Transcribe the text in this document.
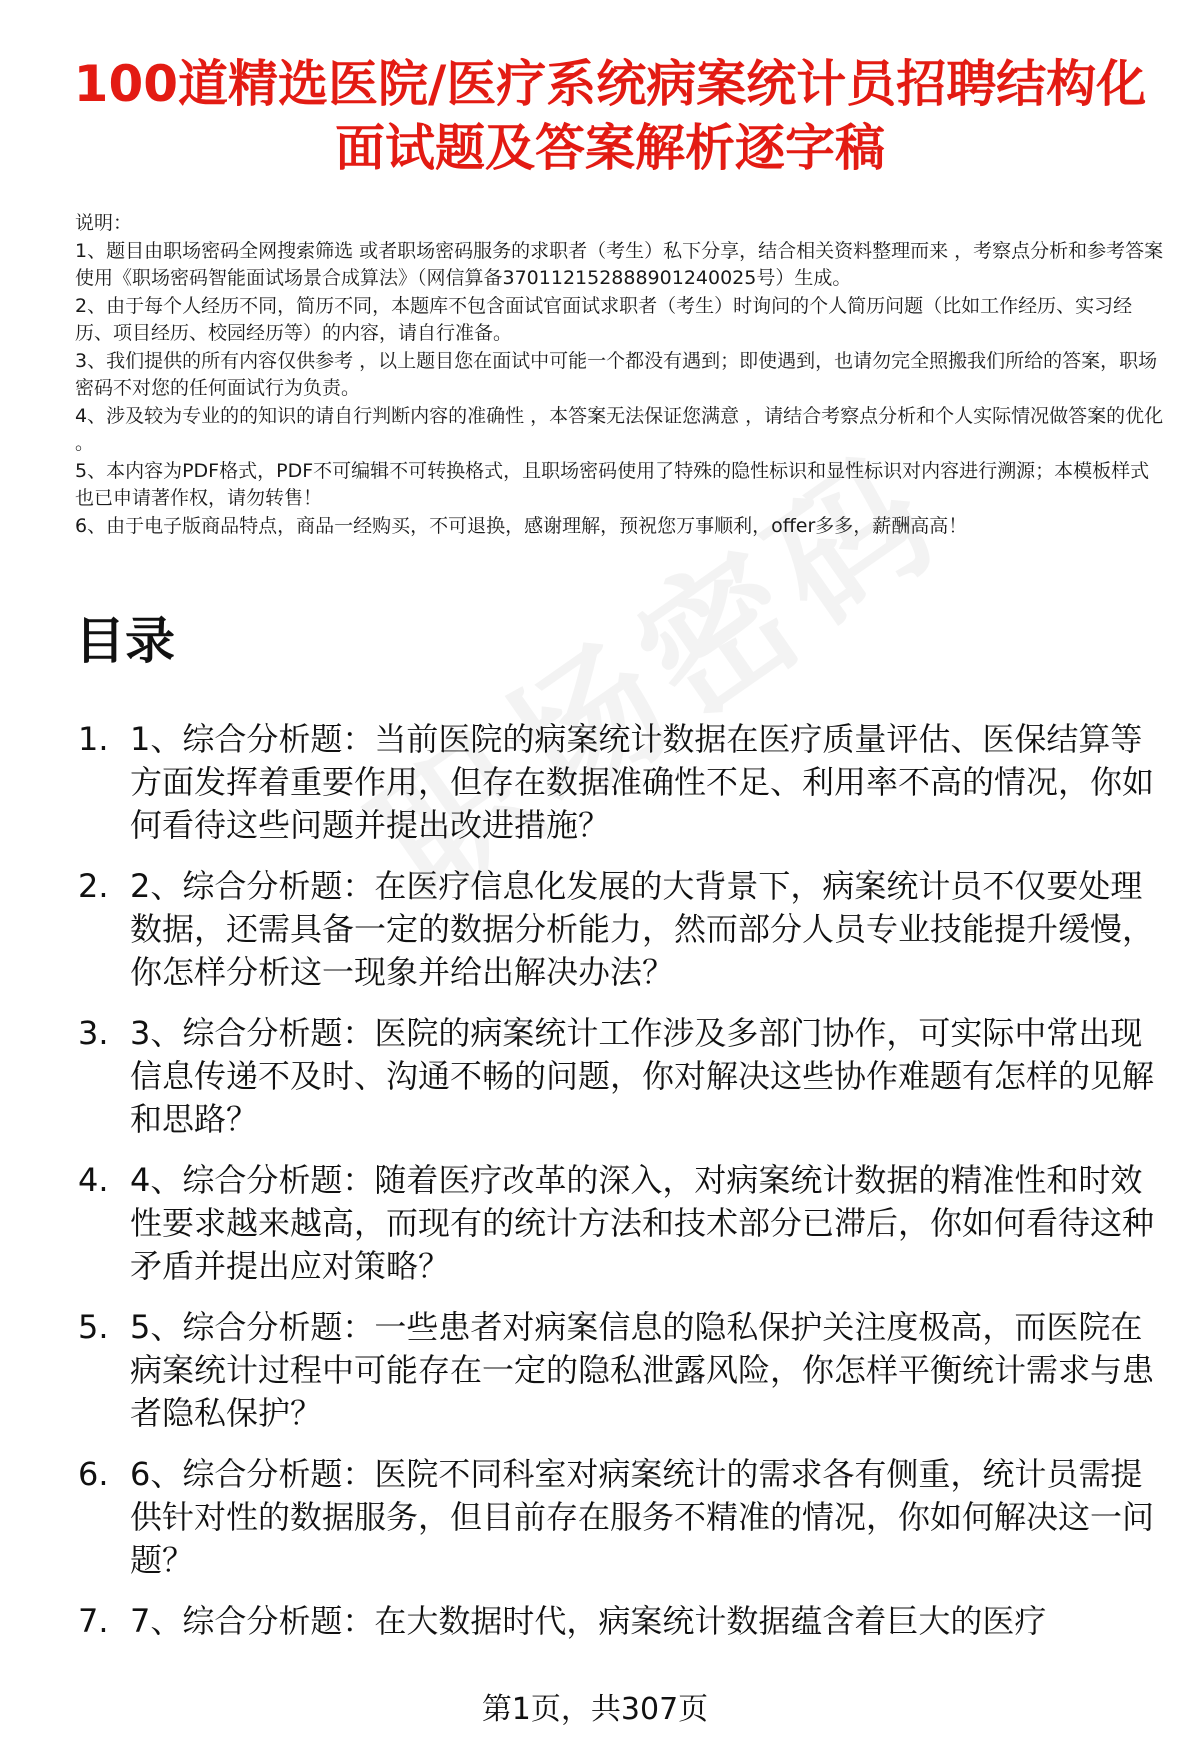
100道精选医院/医疗系统病案统计员招聘结构化面试题及答案解析逐字稿

说明：

1、题目由职场密码全网搜索筛选 或者职场密码服务的求职者（考生）私下分享，结合相关资料整理而来 ，考察点分析和参考答案使用《职场密码智能面试场景合成算法》（网信算备370112152888901240025号）生成。

2、由于每个人经历不同，简历不同，本题库不包含面试官面试求职者（考生）时询问的个人简历问题（比如工作经历、实习经历、项目经历、校园经历等）的内容，请自行准备。

3、我们提供的所有内容仅供参考 ，以上题目您在面试中可能一个都没有遇到；即使遇到，也请勿完全照搬我们所给的答案，职场密码不对您的任何面试行为负责。

4、涉及较为专业的的知识的请自行判断内容的准确性 ，本答案无法保证您满意 ，请结合考察点分析和个人实际情况做答案的优化 。

5、本内容为PDF格式，PDF不可编辑不可转换格式，且职场密码使用了特殊的隐性标识和显性标识对内容进行溯源；本模板样式也已申请著作权，请勿转售！

6、由于电子版商品特点，商品一经购买，不可退换，感谢理解，预祝您万事顺利，offer多多，薪酬高高！

目录
1. 1、综合分析题：当前医院的病案统计数据在医疗质量评估、医保结算等方面发挥着重要作用，但存在数据准确性不足、利用率不高的情况，你如何看待这些问题并提出改进措施？
2. 2、综合分析题：在医疗信息化发展的大背景下，病案统计员不仅要处理数据，还需具备一定的数据分析能力，然而部分人员专业技能提升缓慢，你怎样分析这一现象并给出解决办法？
3. 3、综合分析题：医院的病案统计工作涉及多部门协作，可实际中常出现信息传递不及时、沟通不畅的问题，你对解决这些协作难题有怎样的见解和思路？
4. 4、综合分析题：随着医疗改革的深入，对病案统计数据的精准性和时效性要求越来越高，而现有的统计方法和技术部分已滞后，你如何看待这种矛盾并提出应对策略？
5. 5、综合分析题：一些患者对病案信息的隐私保护关注度极高，而医院在病案统计过程中可能存在一定的隐私泄露风险，你怎样平衡统计需求与患者隐私保护？
6. 6、综合分析题：医院不同科室对病案统计的需求各有侧重，统计员需提供针对性的数据服务，但目前存在服务不精准的情况，你如何解决这一问题？
7. 7、综合分析题：在大数据时代，病案统计数据蕴含着巨大的医疗
第1页，共307页
